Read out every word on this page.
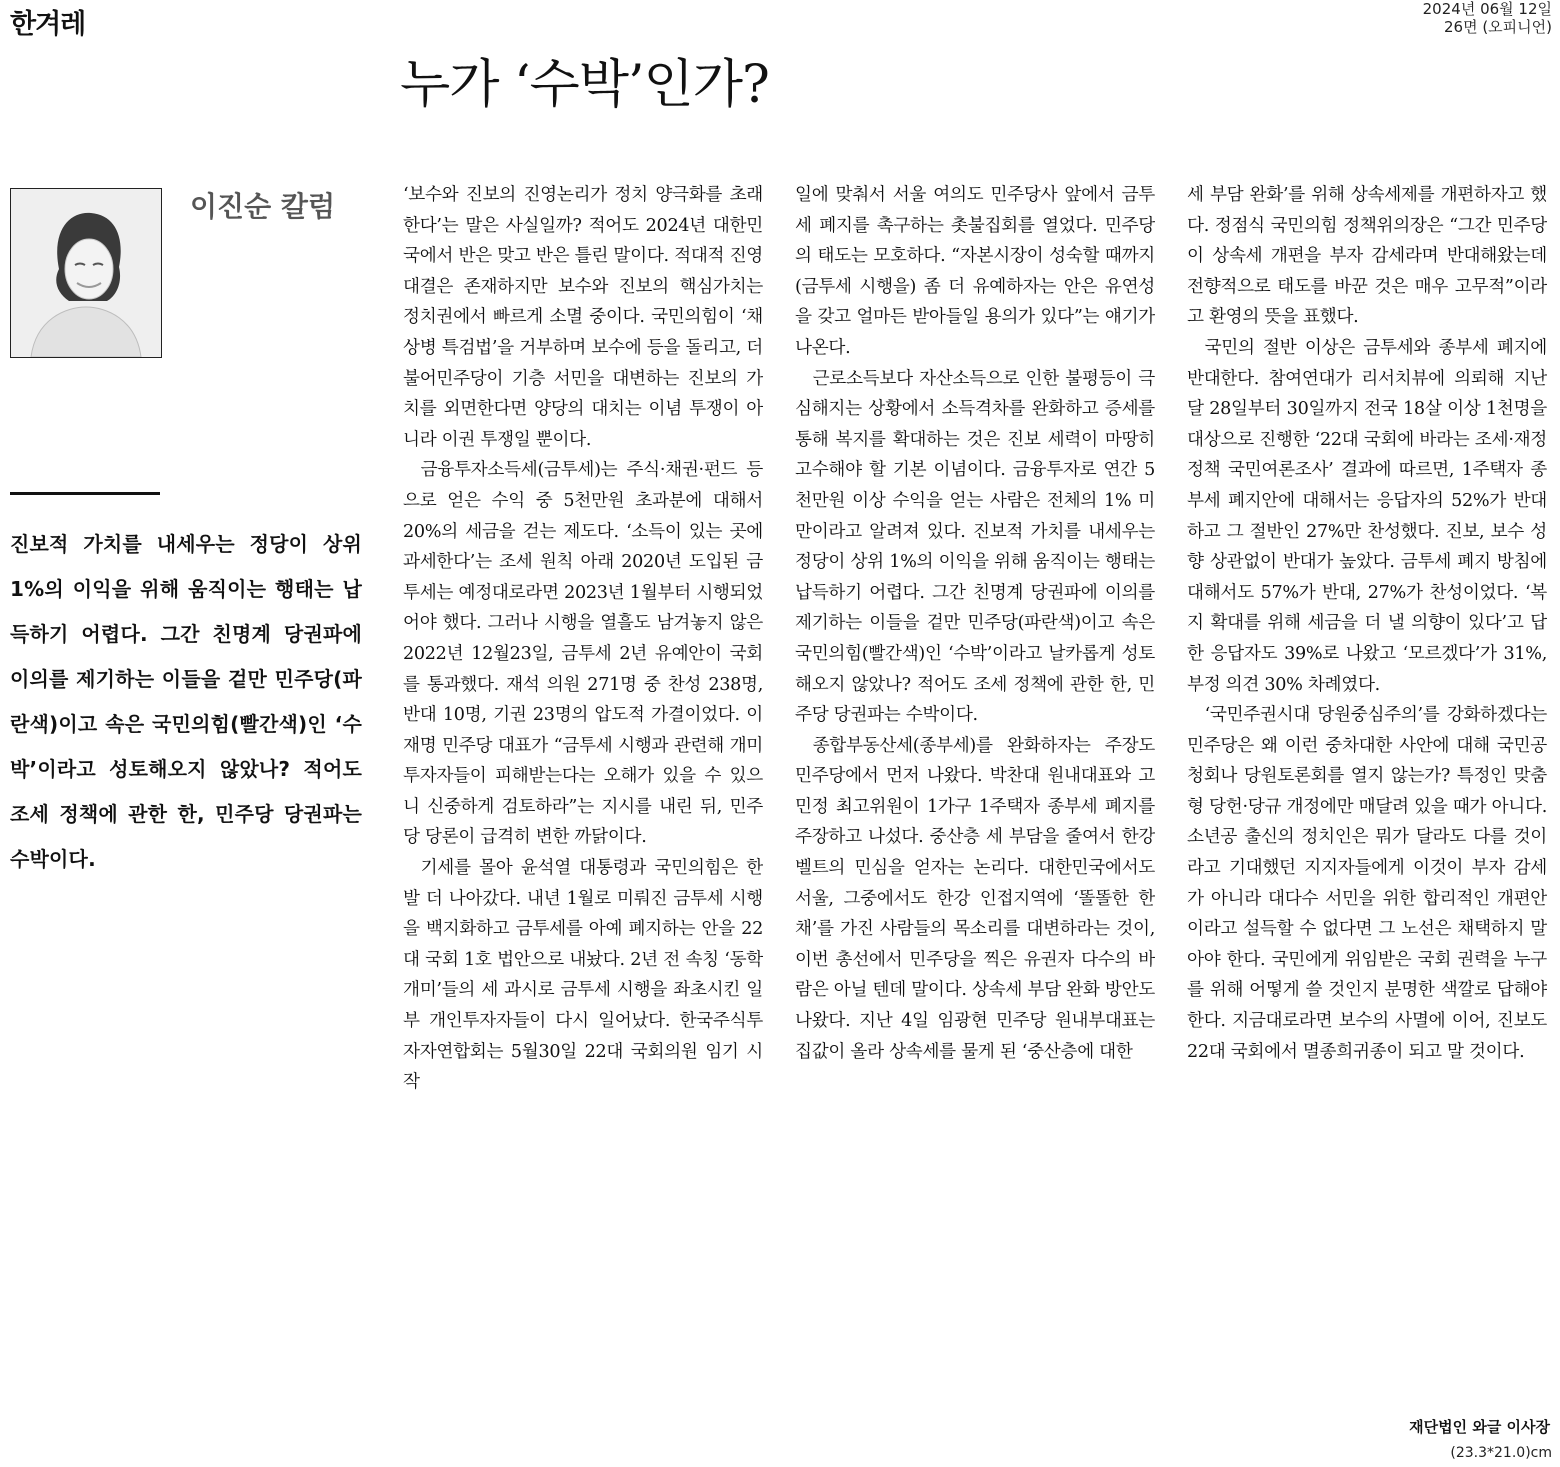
한겨레	2024년 06월 12일
26면 (오피니언)
누가 ‘수박’인가?
이진순 칼럼

진보적 가치를 내세우는 정당이 상위 1%의 이익을 위해 움직이는 행태는 납득하기 어렵다. 그간 친명계 당권파에 이의를 제기하는 이들을 겉만 민주당(파란색)이고 속은 국민의힘(빨간색)인 ‘수박’이라고 성토해오지 않았나? 적어도 조세 정책에 관한 한, 민주당 당권파는 수박이다.

‘보수와 진보의 진영논리가 정치 양극화를 초래한다’는 말은 사실일까? 적어도 2024년 대한민국에서 반은 맞고 반은 틀린 말이다. 적대적 진영 대결은 존재하지만 보수와 진보의 핵심가치는 정치권에서 빠르게 소멸 중이다. 국민의힘이 ‘채 상병 특검법’을 거부하며 보수에 등을 돌리고, 더불어민주당이 기층 서민을 대변하는 진보의 가치를 외면한다면 양당의 대치는 이념 투쟁이 아니라 이권 투쟁일 뿐이다.

금융투자소득세(금투세)는 주식·채권·펀드 등으로 얻은 수익 중 5천만원 초과분에 대해서 20%의 세금을 걷는 제도다. ‘소득이 있는 곳에 과세한다’는 조세 원칙 아래 2020년 도입된 금투세는 예정대로라면 2023년 1월부터 시행되었어야 했다. 그러나 시행을 열흘도 남겨놓지 않은 2022년 12월23일, 금투세 2년 유예안이 국회를 통과했다. 재석 의원 271명 중 찬성 238명, 반대 10명, 기권 23명의 압도적 가결이었다. 이재명 민주당 대표가 “금투세 시행과 관련해 개미투자자들이 피해받는다는 오해가 있을 수 있으니 신중하게 검토하라”는 지시를 내린 뒤, 민주당 당론이 급격히 변한 까닭이다.

기세를 몰아 윤석열 대통령과 국민의힘은 한발 더 나아갔다. 내년 1월로 미뤄진 금투세 시행을 백지화하고 금투세를 아예 폐지하는 안을 22대 국회 1호 법안으로 내놨다. 2년 전 속칭 ‘동학개미’들의 세 과시로 금투세 시행을 좌초시킨 일부 개인투자자들이 다시 일어났다. 한국주식투자자연합회는 5월30일 22대 국회의원 임기 시작

일에 맞춰서 서울 여의도 민주당사 앞에서 금투세 폐지를 촉구하는 촛불집회를 열었다. 민주당의 태도는 모호하다. “자본시장이 성숙할 때까지 (금투세 시행을) 좀 더 유예하자는 안은 유연성을 갖고 얼마든 받아들일 용의가 있다”는 얘기가 나온다.

근로소득보다 자산소득으로 인한 불평등이 극심해지는 상황에서 소득격차를 완화하고 증세를 통해 복지를 확대하는 것은 진보 세력이 마땅히 고수해야 할 기본 이념이다. 금융투자로 연간 5천만원 이상 수익을 얻는 사람은 전체의 1% 미만이라고 알려져 있다. 진보적 가치를 내세우는 정당이 상위 1%의 이익을 위해 움직이는 행태는 납득하기 어렵다. 그간 친명계 당권파에 이의를 제기하는 이들을 겉만 민주당(파란색)이고 속은 국민의힘(빨간색)인 ‘수박’이라고 날카롭게 성토해오지 않았나? 적어도 조세 정책에 관한 한, 민주당 당권파는 수박이다.

종합부동산세(종부세)를 완화하자는 주장도 민주당에서 먼저 나왔다. 박찬대 원내대표와 고민정 최고위원이 1가구 1주택자 종부세 폐지를 주장하고 나섰다. 중산층 세 부담을 줄여서 한강벨트의 민심을 얻자는 논리다. 대한민국에서도 서울, 그중에서도 한강 인접지역에 ‘똘똘한 한채’를 가진 사람들의 목소리를 대변하라는 것이, 이번 총선에서 민주당을 찍은 유권자 다수의 바람은 아닐 텐데 말이다. 상속세 부담 완화 방안도 나왔다. 지난 4일 임광현 민주당 원내부대표는 집값이 올라 상속세를 물게 된 ‘중산층에 대한

세 부담 완화’를 위해 상속세제를 개편하자고 했다. 정점식 국민의힘 정책위의장은 “그간 민주당이 상속세 개편을 부자 감세라며 반대해왔는데 전향적으로 태도를 바꾼 것은 매우 고무적”이라고 환영의 뜻을 표했다.

국민의 절반 이상은 금투세와 종부세 폐지에 반대한다. 참여연대가 리서치뷰에 의뢰해 지난달 28일부터 30일까지 전국 18살 이상 1천명을 대상으로 진행한 ‘22대 국회에 바라는 조세·재정 정책 국민여론조사’ 결과에 따르면, 1주택자 종부세 폐지안에 대해서는 응답자의 52%가 반대하고 그 절반인 27%만 찬성했다. 진보, 보수 성향 상관없이 반대가 높았다. 금투세 폐지 방침에 대해서도 57%가 반대, 27%가 찬성이었다. ‘복지 확대를 위해 세금을 더 낼 의향이 있다’고 답한 응답자도 39%로 나왔고 ‘모르겠다’가 31%, 부정 의견 30% 차례였다.

‘국민주권시대 당원중심주의’를 강화하겠다는 민주당은 왜 이런 중차대한 사안에 대해 국민공청회나 당원토론회를 열지 않는가? 특정인 맞춤형 당헌·당규 개정에만 매달려 있을 때가 아니다. 소년공 출신의 정치인은 뭐가 달라도 다를 것이라고 기대했던 지지자들에게 이것이 부자 감세가 아니라 대다수 서민을 위한 합리적인 개편안이라고 설득할 수 없다면 그 노선은 채택하지 말아야 한다. 국민에게 위임받은 국회 권력을 누구를 위해 어떻게 쓸 것인지 분명한 색깔로 답해야 한다. 지금대로라면 보수의 사멸에 이어, 진보도 22대 국회에서 멸종희귀종이 되고 말 것이다.

재단법인 와글 이사장
(23.3*21.0)cm
